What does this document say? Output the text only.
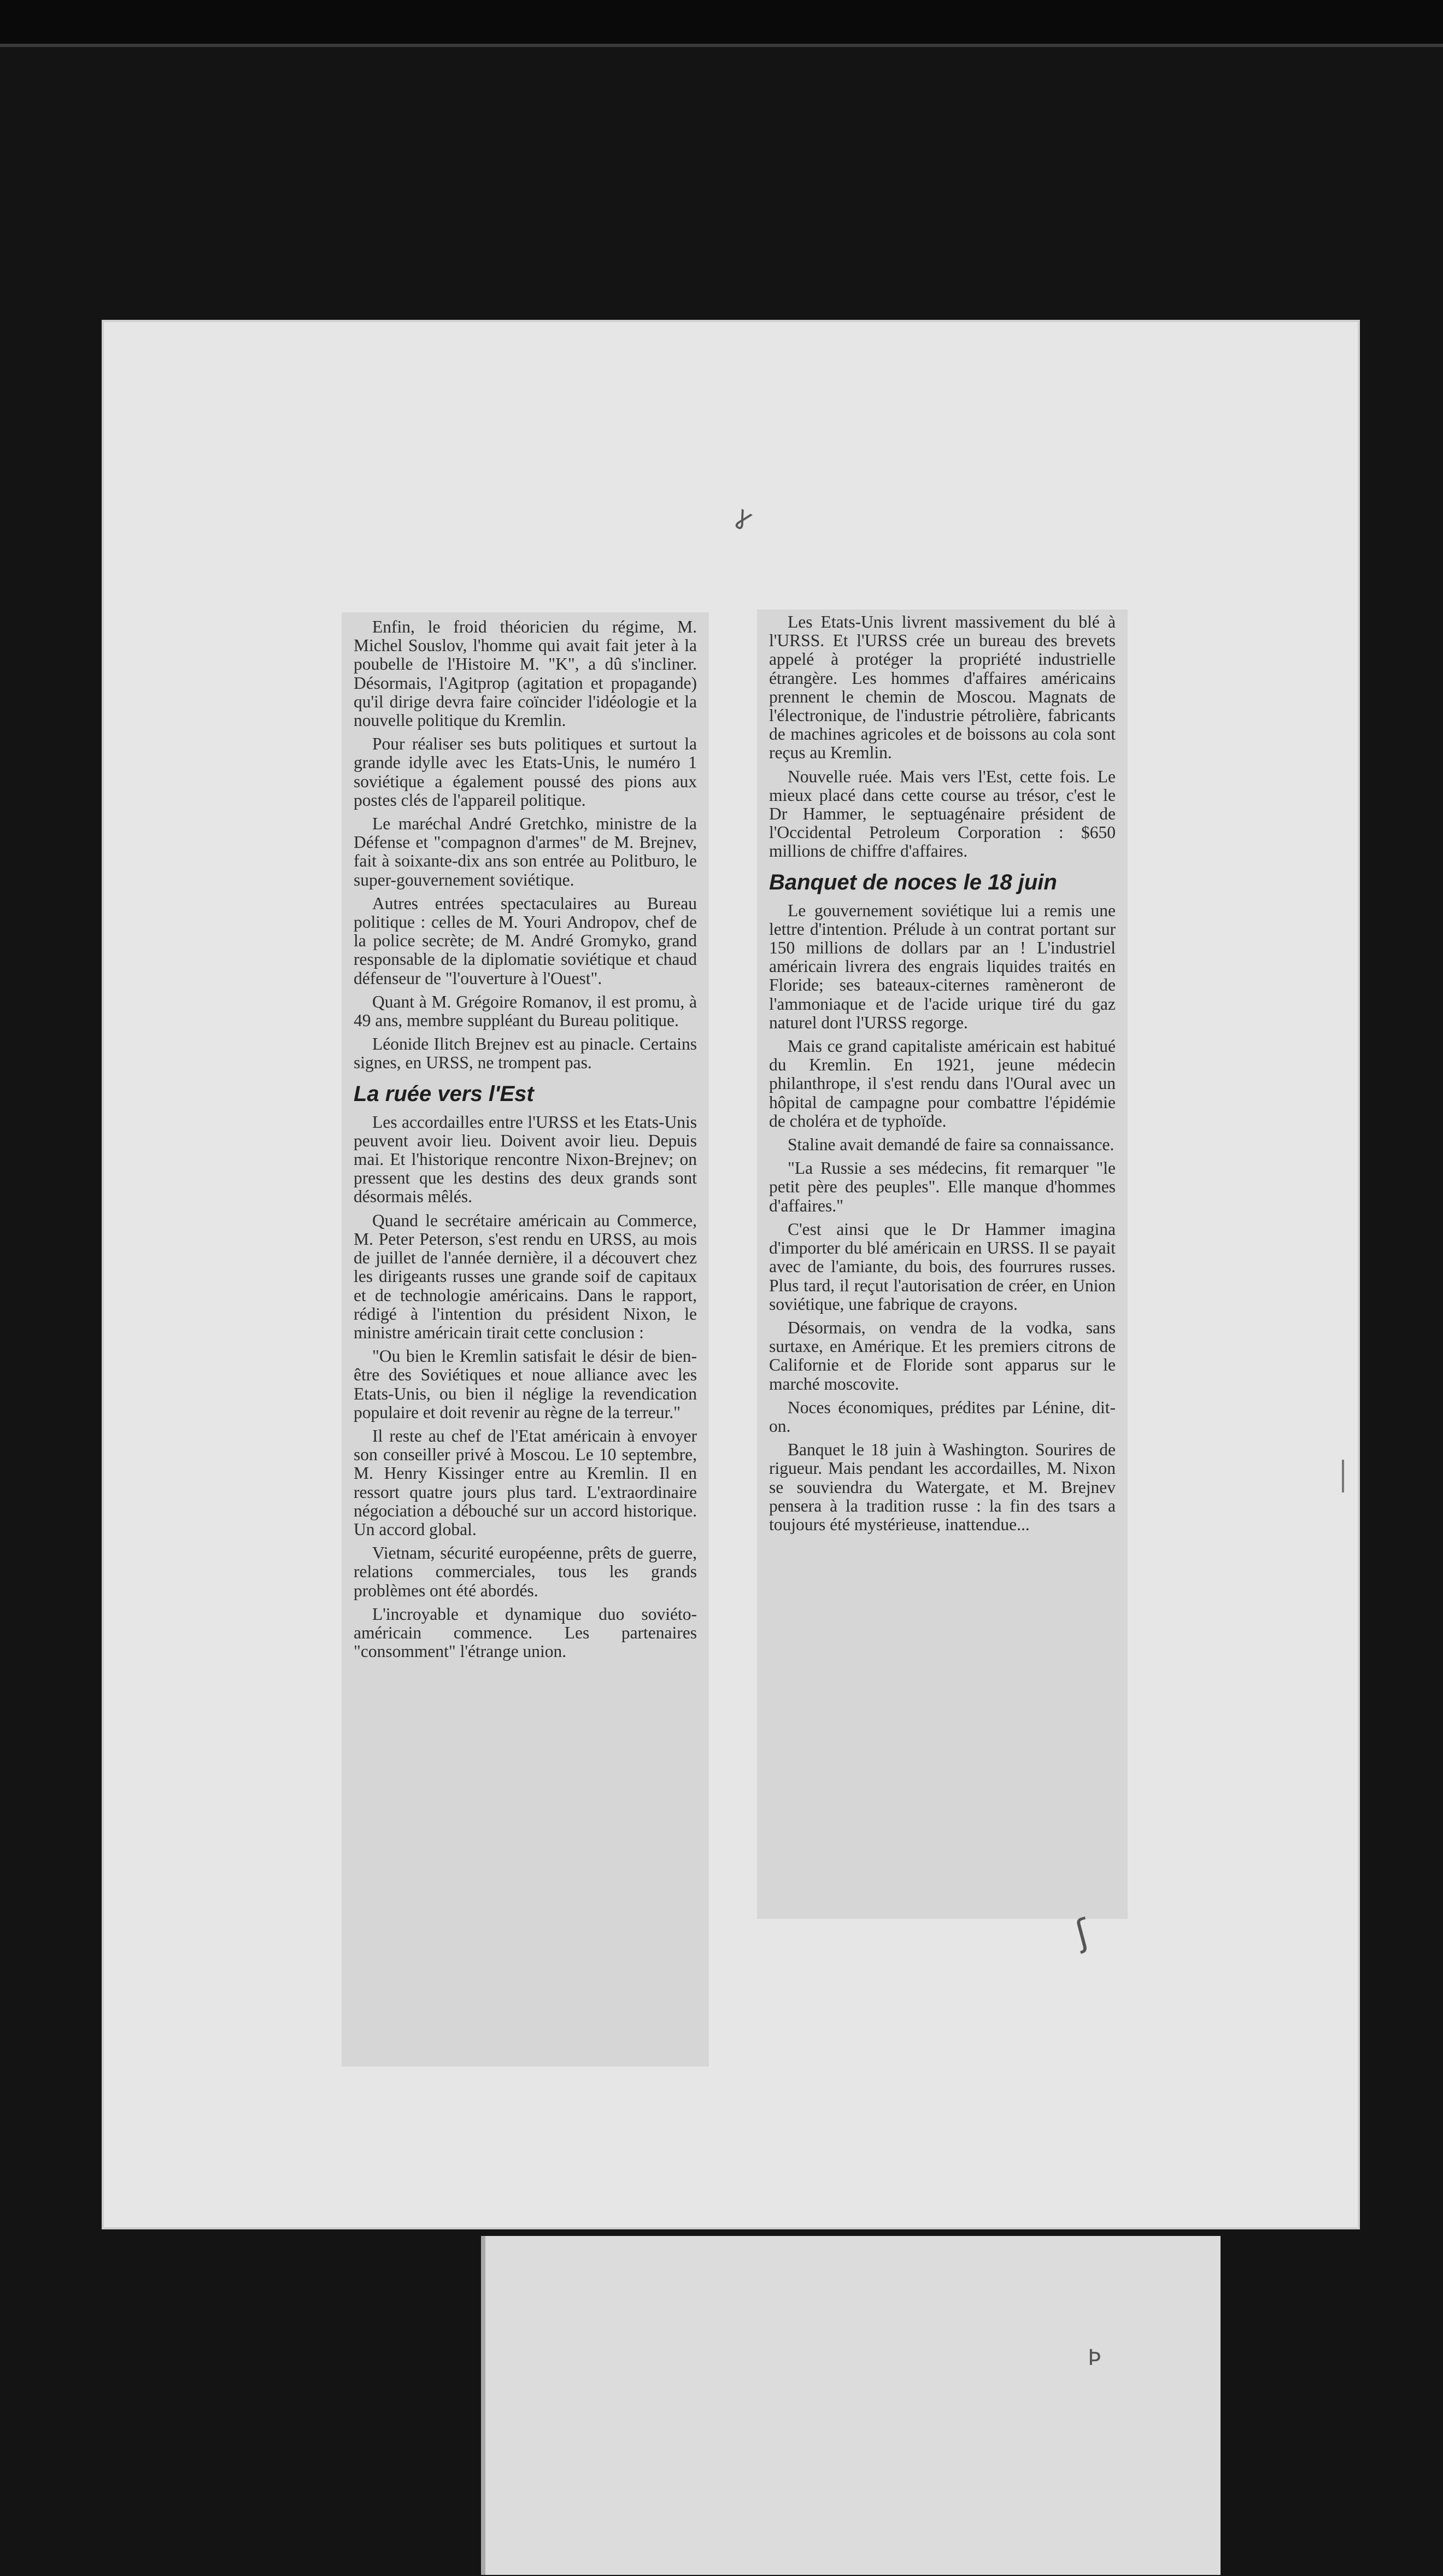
ɣ

Enfin, le froid théoricien du régime, M. Michel Souslov, l'homme qui avait fait jeter à la poubelle de l'Histoire M. "K", a dû s'incliner. Désormais, l'Agitprop (agitation et propagande) qu'il dirige devra faire coïncider l'idéologie et la nouvelle politique du Kremlin.

Pour réaliser ses buts politiques et surtout la grande idylle avec les Etats-Unis, le numéro 1 soviétique a également poussé des pions aux postes clés de l'appareil politique.

Le maréchal André Gretchko, ministre de la Défense et "compagnon d'armes" de M. Brejnev, fait à soixante-dix ans son entrée au Politburo, le super-gouvernement soviétique.

Autres entrées spectaculaires au Bureau politique : celles de M. Youri Andropov, chef de la police secrète; de M. André Gromyko, grand responsable de la diplomatie soviétique et chaud défenseur de "l'ouverture à l'Ouest".

Quant à M. Grégoire Romanov, il est promu, à 49 ans, membre suppléant du Bureau politique.

Léonide Ilitch Brejnev est au pinacle. Certains signes, en URSS, ne trompent pas.

La ruée vers l'Est

Les accordailles entre l'URSS et les Etats-Unis peuvent avoir lieu. Doivent avoir lieu. Depuis mai. Et l'historique rencontre Nixon-Brejnev; on pressent que les destins des deux grands sont désormais mêlés.

Quand le secrétaire américain au Commerce, M. Peter Peterson, s'est rendu en URSS, au mois de juillet de l'année dernière, il a découvert chez les dirigeants russes une grande soif de capitaux et de technologie américains. Dans le rapport, rédigé à l'intention du président Nixon, le ministre américain tirait cette conclusion :

"Ou bien le Kremlin satisfait le désir de bien-être des Soviétiques et noue alliance avec les Etats-Unis, ou bien il néglige la revendication populaire et doit revenir au règne de la terreur."

Il reste au chef de l'Etat américain à envoyer son conseiller privé à Moscou. Le 10 septembre, M. Henry Kissinger entre au Kremlin. Il en ressort quatre jours plus tard. L'extraordinaire négociation a débouché sur un accord historique. Un accord global.

Vietnam, sécurité européenne, prêts de guerre, relations commerciales, tous les grands problèmes ont été abordés.

L'incroyable et dynamique duo soviéto-américain commence. Les partenaires "consomment" l'étrange union.

Les Etats-Unis livrent massivement du blé à l'URSS. Et l'URSS crée un bureau des brevets appelé à protéger la propriété industrielle étrangère. Les hommes d'affaires américains prennent le chemin de Moscou. Magnats de l'électronique, de l'industrie pétrolière, fabricants de machines agricoles et de boissons au cola sont reçus au Kremlin.

Nouvelle ruée. Mais vers l'Est, cette fois. Le mieux placé dans cette course au trésor, c'est le Dr Hammer, le septuagénaire président de l'Occidental Petroleum Corporation : $650 millions de chiffre d'affaires.

Banquet de noces le 18 juin

Le gouvernement soviétique lui a remis une lettre d'intention. Prélude à un contrat portant sur 150 millions de dollars par an ! L'industriel américain livrera des engrais liquides traités en Floride; ses bateaux-citernes ramèneront de l'ammoniaque et de l'acide urique tiré du gaz naturel dont l'URSS regorge.

Mais ce grand capitaliste américain est habitué du Kremlin. En 1921, jeune médecin philanthrope, il s'est rendu dans l'Oural avec un hôpital de campagne pour combattre l'épidémie de choléra et de typhoïde.

Staline avait demandé de faire sa connaissance.

"La Russie a ses médecins, fit remarquer "le petit père des peuples". Elle manque d'hommes d'affaires."

C'est ainsi que le Dr Hammer imagina d'importer du blé américain en URSS. Il se payait avec de l'amiante, du bois, des fourrures russes. Plus tard, il reçut l'autorisation de créer, en Union soviétique, une fabrique de crayons.

Désormais, on vendra de la vodka, sans surtaxe, en Amérique. Et les premiers citrons de Californie et de Floride sont apparus sur le marché moscovite.

Noces économiques, prédites par Lénine, dit-on.

Banquet le 18 juin à Washington. Sourires de rigueur. Mais pendant les accordailles, M. Nixon se souviendra du Watergate, et M. Brejnev pensera à la tradition russe : la fin des tsars a toujours été mystérieuse, inattendue...

ʃ
Þ
